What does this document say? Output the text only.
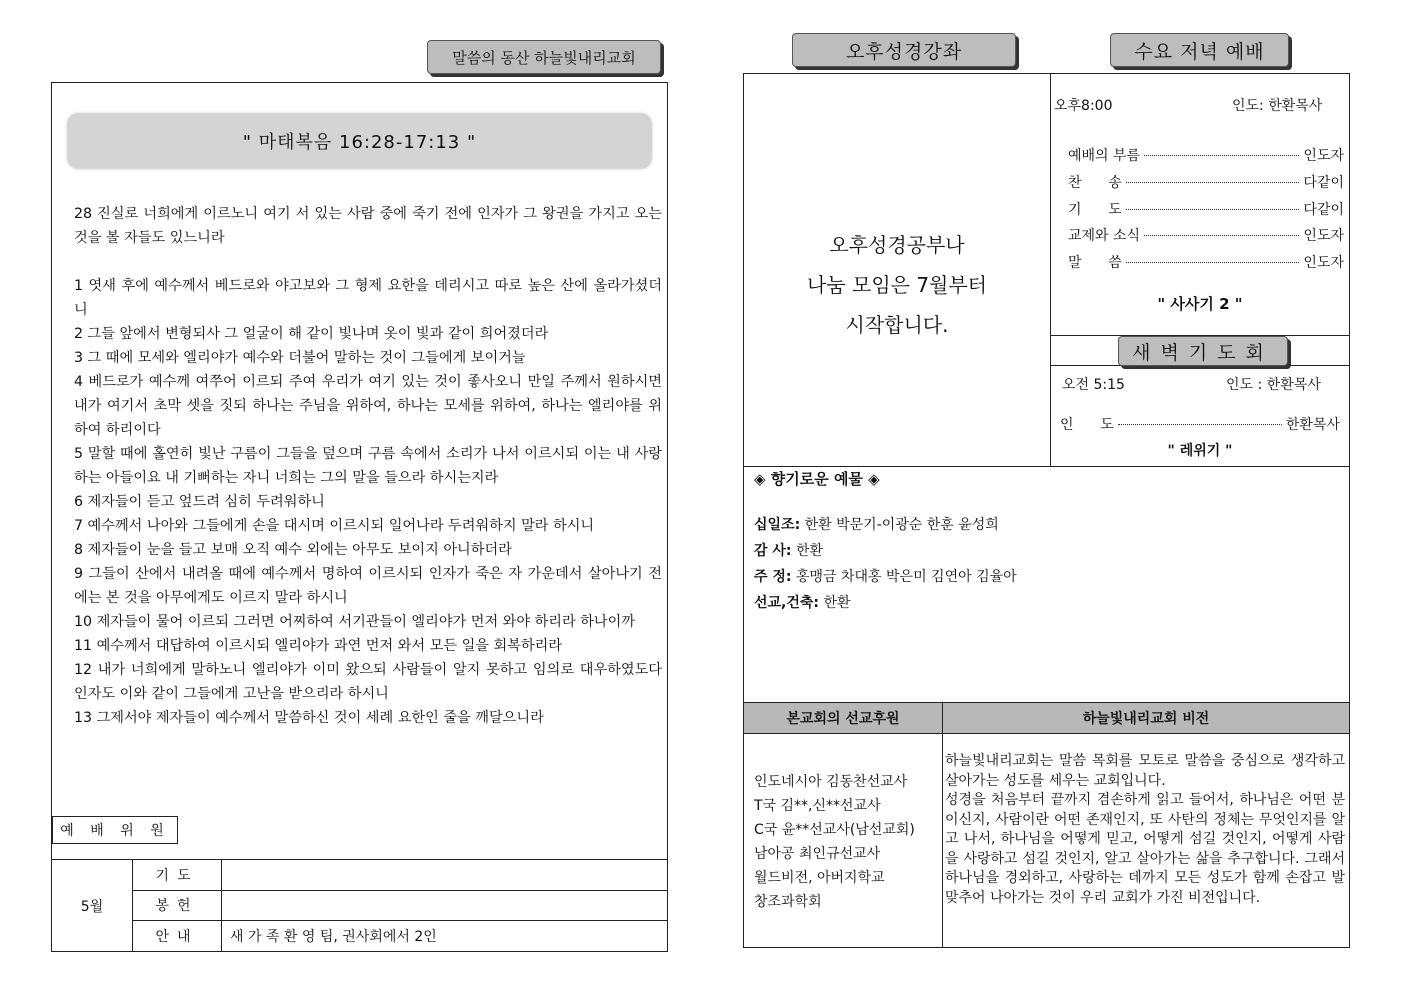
말씀의 동산 하늘빛내리교회
" 마태복음 16:28-17:13 "

28 진실로 너희에게 이르노니 여기 서 있는 사람 중에 죽기 전에 인자가 그 왕권을 가지고 오는 것을 볼 자들도 있느니라

1 엿새 후에 예수께서 베드로와 야고보와 그 형제 요한을 데리시고 따로 높은 산에 올라가셨더니

2 그들 앞에서 변형되사 그 얼굴이 해 같이 빛나며 옷이 빛과 같이 희어졌더라

3 그 때에 모세와 엘리야가 예수와 더불어 말하는 것이 그들에게 보이거늘

4 베드로가 예수께 여쭈어 이르되 주여 우리가 여기 있는 것이 좋사오니 만일 주께서 원하시면 내가 여기서 초막 셋을 짓되 하나는 주님을 위하여, 하나는 모세를 위하여, 하나는 엘리야를 위하여 하리이다

5 말할 때에 홀연히 빛난 구름이 그들을 덮으며 구름 속에서 소리가 나서 이르시되 이는 내 사랑하는 아들이요 내 기뻐하는 자니 너희는 그의 말을 들으라 하시는지라

6 제자들이 듣고 엎드려 심히 두려워하니

7 예수께서 나아와 그들에게 손을 대시며 이르시되 일어나라 두려워하지 말라 하시니

8 제자들이 눈을 들고 보매 오직 예수 외에는 아무도 보이지 아니하더라

9 그들이 산에서 내려올 때에 예수께서 명하여 이르시되 인자가 죽은 자 가운데서 살아나기 전에는 본 것을 아무에게도 이르지 말라 하시니

10 제자들이 물어 이르되 그러면 어찌하여 서기관들이 엘리야가 먼저 와야 하리라 하나이까

11 예수께서 대답하여 이르시되 엘리야가 과연 먼저 와서 모든 일을 회복하리라

12 내가 너희에게 말하노니 엘리야가 이미 왔으되 사람들이 알지 못하고 임의로 대우하였도다 인자도 이와 같이 그들에게 고난을 받으리라 하시니

13 그제서야 제자들이 예수께서 말씀하신 것이 세례 요한인 줄을 깨달으니라

예 배 위 원
5월	기도	
	봉헌	
	안내	새 가 족 환 영 팀, 권사회에서 2인
오후성경강좌	수요 저녁 예배
오후성경공부나
나눔 모임은 7월부터
시작합니다.
오후8:00	인도: 한환목사
예배의 부름	인도자
찬      송	다같이
기      도	다같이
교제와 소식	인도자
말      씀	인도자
" 사사기 2 "
새벽기도회
오전 5:15	인도 : 한환목사
인      도	한환목사
" 레위기 "
◈ 향기로운 예물 ◈
십일조: 한환 박문기-이광순 한훈 윤성희
감 사: 한환
주 정: 홍맹금 차대홍 박은미 김연아 김율아
선교,건축: 한환
본교회의 선교후원	하늘빛내리교회 비전
인도네시아 김동찬선교사
T국 김**,신**선교사
C국 윤**선교사(남선교회)
남아공 최인규선교사
월드비전, 아버지학교
창조과학회
하늘빛내리교회는 말씀 목회를 모토로 말씀을 중심으로 생각하고 살아가는 성도를 세우는 교회입니다.
성경을 처음부터 끝까지 겸손하게 읽고 들어서, 하나님은 어떤 분이신지, 사람이란 어떤 존재인지, 또 사탄의 정체는 무엇인지를 알고 나서, 하나님을 어떻게 믿고, 어떻게 섬길 것인지, 어떻게 사람을 사랑하고 섬길 것인지, 알고 살아가는 삶을 추구합니다. 그래서 하나님을 경외하고, 사랑하는 데까지 모든 성도가 함께 손잡고 발 맞추어 나아가는 것이 우리 교회가 가진 비전입니다.
